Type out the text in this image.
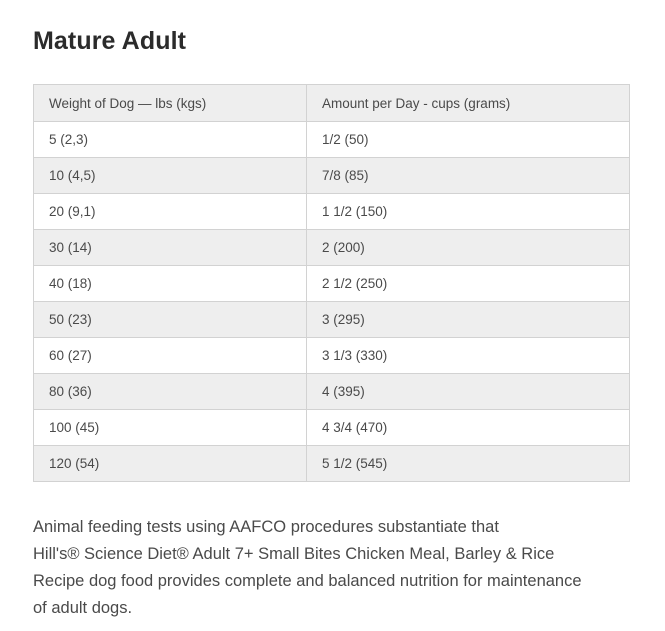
Mature Adult
Weight of Dog — lbs (kgs)	Amount per Day - cups (grams)
5 (2,3)	1/2 (50)
10 (4,5)	7/8 (85)
20 (9,1)	1 1/2 (150)
30 (14)	2 (200)
40 (18)	2 1/2 (250)
50 (23)	3 (295)
60 (27)	3 1/3 (330)
80 (36)	4 (395)
100 (45)	4 3/4 (470)
120 (54)	5 1/2 (545)

Animal feeding tests using AAFCO procedures substantiate that
Hill's® Science Diet® Adult 7+ Small Bites Chicken Meal, Barley & Rice
Recipe dog food provides complete and balanced nutrition for maintenance
of adult dogs.
